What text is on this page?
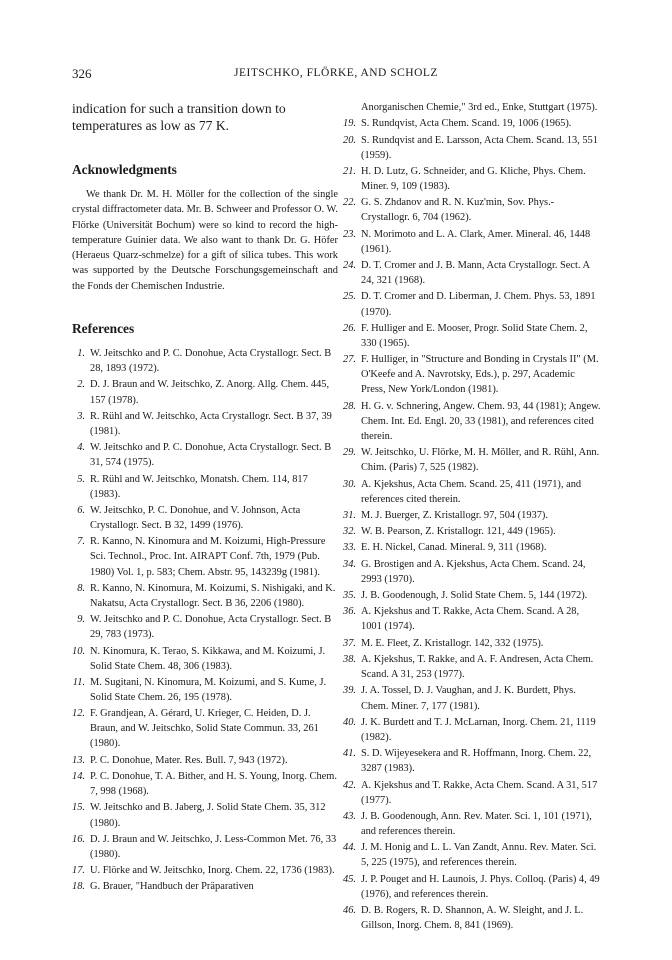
326	JEITSCHKO, FLÖRKE, AND SCHOLZ

indication for such a transition down to temperatures as low as 77 K.

Acknowledgments

We thank Dr. M. H. Möller for the collection of the single crystal diffractometer data. Mr. B. Schweer and Professor O. W. Flörke (Universität Bochum) were so kind to record the high-temperature Guinier data. We also want to thank Dr. G. Höfer (Heraeus Quarz-schmelze) for a gift of silica tubes. This work was supported by the Deutsche Forschungsgemeinschaft and the Fonds der Chemischen Industrie.

References
1. W. Jeitschko and P. C. Donohue, Acta Crystallogr. Sect. B 28, 1893 (1972).
2. D. J. Braun and W. Jeitschko, Z. Anorg. Allg. Chem. 445, 157 (1978).
3. R. Rühl and W. Jeitschko, Acta Crystallogr. Sect. B 37, 39 (1981).
4. W. Jeitschko and P. C. Donohue, Acta Crystallogr. Sect. B 31, 574 (1975).
5. R. Rühl and W. Jeitschko, Monatsh. Chem. 114, 817 (1983).
6. W. Jeitschko, P. C. Donohue, and V. Johnson, Acta Crystallogr. Sect. B 32, 1499 (1976).
7. R. Kanno, N. Kinomura and M. Koizumi, High-Pressure Sci. Technol., Proc. Int. AIRAPT Conf. 7th, 1979 (Pub. 1980) Vol. 1, p. 583; Chem. Abstr. 95, 143239g (1981).
8. R. Kanno, N. Kinomura, M. Koizumi, S. Nishigaki, and K. Nakatsu, Acta Crystallogr. Sect. B 36, 2206 (1980).
9. W. Jeitschko and P. C. Donohue, Acta Crystallogr. Sect. B 29, 783 (1973).
10. N. Kinomura, K. Terao, S. Kikkawa, and M. Koizumi, J. Solid State Chem. 48, 306 (1983).
11. M. Sugitani, N. Kinomura, M. Koizumi, and S. Kume, J. Solid State Chem. 26, 195 (1978).
12. F. Grandjean, A. Gérard, U. Krieger, C. Heiden, D. J. Braun, and W. Jeitschko, Solid State Commun. 33, 261 (1980).
13. P. C. Donohue, Mater. Res. Bull. 7, 943 (1972).
14. P. C. Donohue, T. A. Bither, and H. S. Young, Inorg. Chem. 7, 998 (1968).
15. W. Jeitschko and B. Jaberg, J. Solid State Chem. 35, 312 (1980).
16. D. J. Braun and W. Jeitschko, J. Less-Common Met. 76, 33 (1980).
17. U. Flörke and W. Jeitschko, Inorg. Chem. 22, 1736 (1983).
18. G. Brauer, "Handbuch der Präparativen
Anorganischen Chemie," 3rd ed., Enke, Stuttgart (1975).
19. S. Rundqvist, Acta Chem. Scand. 19, 1006 (1965).
20. S. Rundqvist and E. Larsson, Acta Chem. Scand. 13, 551 (1959).
21. H. D. Lutz, G. Schneider, and G. Kliche, Phys. Chem. Miner. 9, 109 (1983).
22. G. S. Zhdanov and R. N. Kuz'min, Sov. Phys.-Crystallogr. 6, 704 (1962).
23. N. Morimoto and L. A. Clark, Amer. Mineral. 46, 1448 (1961).
24. D. T. Cromer and J. B. Mann, Acta Crystallogr. Sect. A 24, 321 (1968).
25. D. T. Cromer and D. Liberman, J. Chem. Phys. 53, 1891 (1970).
26. F. Hulliger and E. Mooser, Progr. Solid State Chem. 2, 330 (1965).
27. F. Hulliger, in "Structure and Bonding in Crystals II" (M. O'Keefe and A. Navrotsky, Eds.), p. 297, Academic Press, New York/London (1981).
28. H. G. v. Schnering, Angew. Chem. 93, 44 (1981); Angew. Chem. Int. Ed. Engl. 20, 33 (1981), and references cited therein.
29. W. Jeitschko, U. Flörke, M. H. Möller, and R. Rühl, Ann. Chim. (Paris) 7, 525 (1982).
30. A. Kjekshus, Acta Chem. Scand. 25, 411 (1971), and references cited therein.
31. M. J. Buerger, Z. Kristallogr. 97, 504 (1937).
32. W. B. Pearson, Z. Kristallogr. 121, 449 (1965).
33. E. H. Nickel, Canad. Mineral. 9, 311 (1968).
34. G. Brostigen and A. Kjekshus, Acta Chem. Scand. 24, 2993 (1970).
35. J. B. Goodenough, J. Solid State Chem. 5, 144 (1972).
36. A. Kjekshus and T. Rakke, Acta Chem. Scand. A 28, 1001 (1974).
37. M. E. Fleet, Z. Kristallogr. 142, 332 (1975).
38. A. Kjekshus, T. Rakke, and A. F. Andresen, Acta Chem. Scand. A 31, 253 (1977).
39. J. A. Tossel, D. J. Vaughan, and J. K. Burdett, Phys. Chem. Miner. 7, 177 (1981).
40. J. K. Burdett and T. J. McLarnan, Inorg. Chem. 21, 1119 (1982).
41. S. D. Wijeyesekera and R. Hoffmann, Inorg. Chem. 22, 3287 (1983).
42. A. Kjekshus and T. Rakke, Acta Chem. Scand. A 31, 517 (1977).
43. J. B. Goodenough, Ann. Rev. Mater. Sci. 1, 101 (1971), and references therein.
44. J. M. Honig and L. L. Van Zandt, Annu. Rev. Mater. Sci. 5, 225 (1975), and references therein.
45. J. P. Pouget and H. Launois, J. Phys. Colloq. (Paris) 4, 49 (1976), and references therein.
46. D. B. Rogers, R. D. Shannon, A. W. Sleight, and J. L. Gillson, Inorg. Chem. 8, 841 (1969).
